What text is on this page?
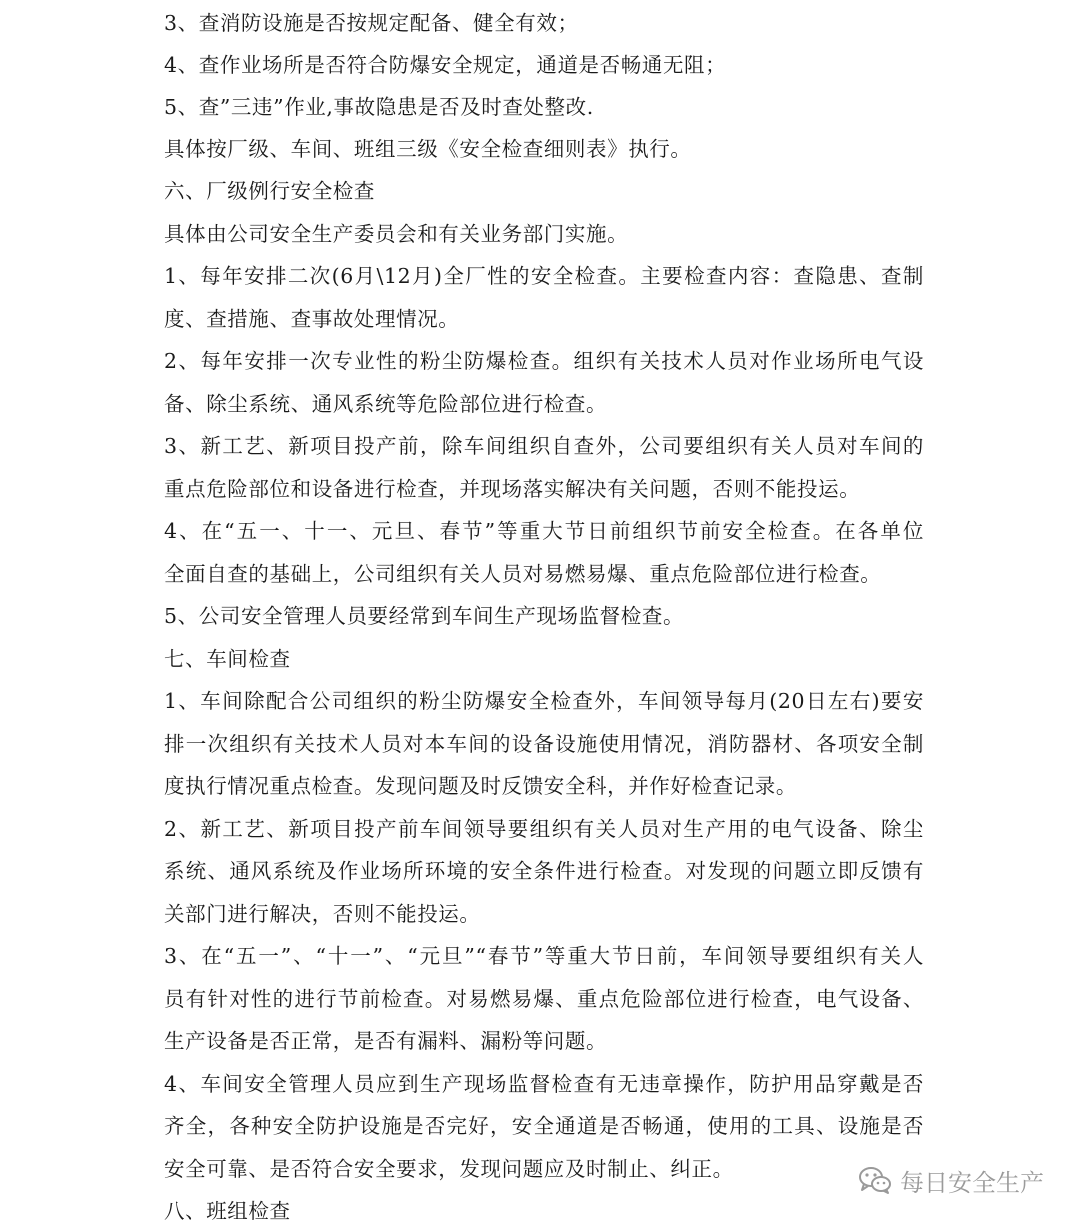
3、查消防设施是否按规定配备、健全有效；
4、查作业场所是否符合防爆安全规定，通道是否畅通无阻；
5、查”三违”作业,事故隐患是否及时查处整改.
具体按厂级、车间、班组三级《安全检查细则表》执行。
六、厂级例行安全检查
具体由公司安全生产委员会和有关业务部门实施。
1、每年安排二次(6月\12月)全厂性的安全检查。主要检查内容：查隐患、查制
度、查措施、查事故处理情况。
2、每年安排一次专业性的粉尘防爆检查。组织有关技术人员对作业场所电气设
备、除尘系统、通风系统等危险部位进行检查。
3、新工艺、新项目投产前，除车间组织自查外，公司要组织有关人员对车间的
重点危险部位和设备进行检查，并现场落实解决有关问题，否则不能投运。
4、在“五一、十一、元旦、春节”等重大节日前组织节前安全检查。在各单位
全面自查的基础上，公司组织有关人员对易燃易爆、重点危险部位进行检查。
5、公司安全管理人员要经常到车间生产现场监督检查。
七、车间检查
1、车间除配合公司组织的粉尘防爆安全检查外，车间领导每月(20日左右)要安
排一次组织有关技术人员对本车间的设备设施使用情况，消防器材、各项安全制
度执行情况重点检查。发现问题及时反馈安全科，并作好检查记录。
2、新工艺、新项目投产前车间领导要组织有关人员对生产用的电气设备、除尘
系统、通风系统及作业场所环境的安全条件进行检查。对发现的问题立即反馈有
关部门进行解决，否则不能投运。
3、在“五一”、“十一”、“元旦”“春节”等重大节日前，车间领导要组织有关人
员有针对性的进行节前检查。对易燃易爆、重点危险部位进行检查，电气设备、
生产设备是否正常，是否有漏料、漏粉等问题。
4、车间安全管理人员应到生产现场监督检查有无违章操作，防护用品穿戴是否
齐全，各种安全防护设施是否完好，安全通道是否畅通，使用的工具、设施是否
安全可靠、是否符合安全要求，发现问题应及时制止、纠正。
八、班组检查
每日安全生产
